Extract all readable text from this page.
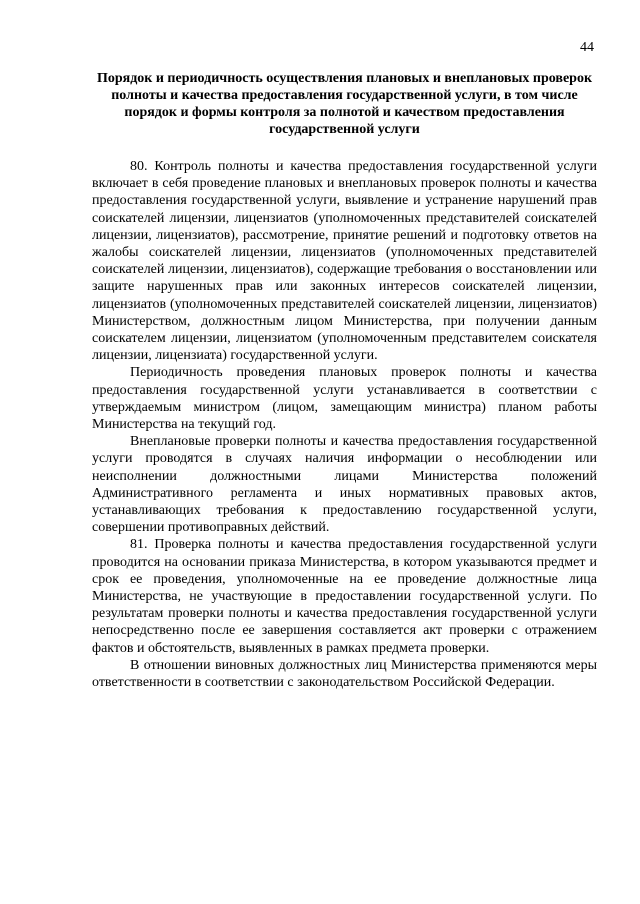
44
Порядок и периодичность осуществления плановых и внеплановых проверок полноты и качества предоставления государственной услуги, в том числе порядок и формы контроля за полнотой и качеством предоставления государственной услуги

80. Контроль полноты и качества предоставления государственной услуги включает в себя проведение плановых и внеплановых проверок полноты и качества предоставления государственной услуги, выявление и устранение нарушений прав соискателей лицензии, лицензиатов (уполномоченных представителей соискателей лицензии, лицензиатов), рассмотрение, принятие решений и подготовку ответов на жалобы соискателей лицензии, лицензиатов (уполномоченных представителей соискателей лицензии, лицензиатов), содержащие требования о восстановлении или защите нарушенных прав или законных интересов соискателей лицензии, лицензиатов (уполномоченных представителей соискателей лицензии, лицензиатов) Министерством, должностным лицом Министерства, при получении данным соискателем лицензии, лицензиатом (уполномоченным представителем соискателя лицензии, лицензиата) государственной услуги.

Периодичность проведения плановых проверок полноты и качества предоставления государственной услуги устанавливается в соответствии с утверждаемым министром (лицом, замещающим министра) планом работы Министерства на текущий год.

Внеплановые проверки полноты и качества предоставления государственной услуги проводятся в случаях наличия информации о несоблюдении или неисполнении должностными лицами Министерства положений Административного регламента и иных нормативных правовых актов, устанавливающих требования к предоставлению государственной услуги, совершении противоправных действий.

81. Проверка полноты и качества предоставления государственной услуги проводится на основании приказа Министерства, в котором указываются предмет и срок ее проведения, уполномоченные на ее проведение должностные лица Министерства, не участвующие в предоставлении государственной услуги. По результатам проверки полноты и качества предоставления государственной услуги непосредственно после ее завершения составляется акт проверки с отражением фактов и обстоятельств, выявленных в рамках предмета проверки.

В отношении виновных должностных лиц Министерства применяются меры ответственности в соответствии с законодательством Российской Федерации.
